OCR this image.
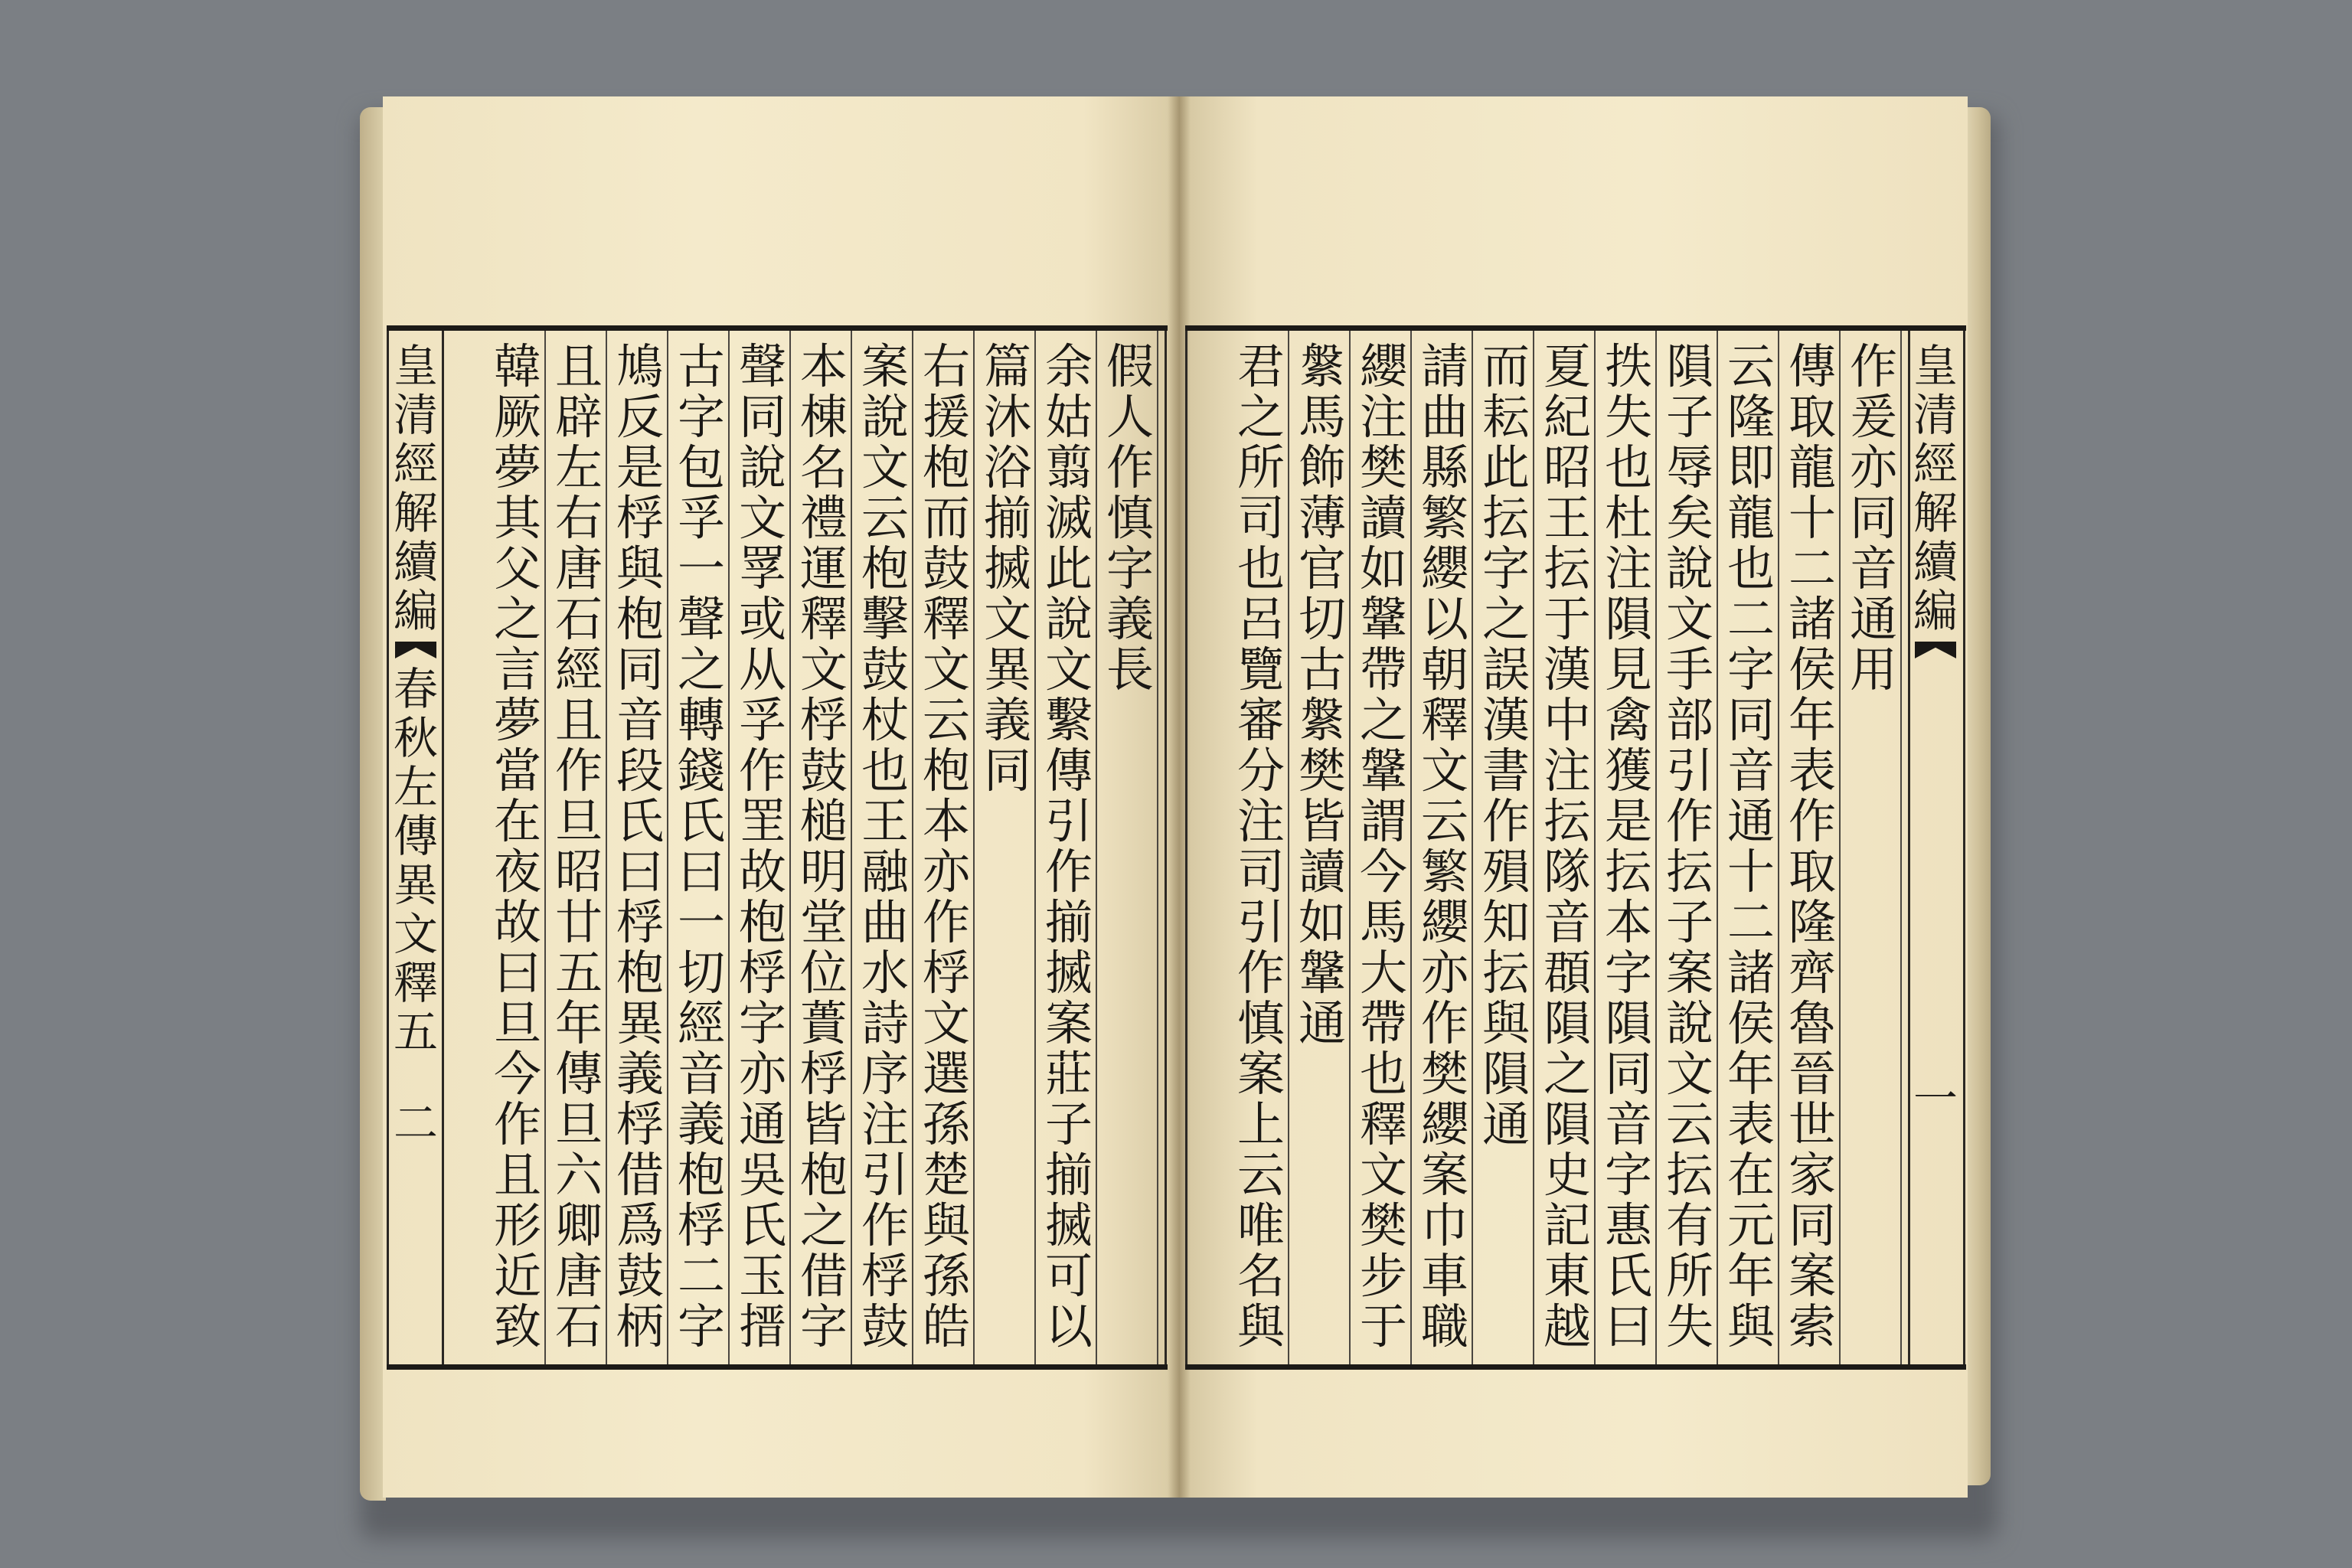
皇
清
經
解
續
編
春
秋
左
傳
異
文
釋
五
二
假
人
作
慎
字
義
長
余
姑
翦
滅
此
說
文
繫
傳
引
作
揃
搣
案
莊
子
揃
搣
可
以
篇
沐
浴
揃
搣
文
異
義
同
右
援
枹
而
鼓
釋
文
云
枹
本
亦
作
桴
文
選
孫
楚
與
孫
皓
案
說
文
云
枹
擊
鼓
杖
也
王
融
曲
水
詩
序
注
引
作
桴
鼓
本
棟
名
禮
運
釋
文
桴
鼓
槌
明
堂
位
蕢
桴
皆
枹
之
借
字
聲
同
說
文
罦
或
从
孚
作
罜
故
枹
桴
字
亦
通
吳
氏
玉
搢
古
字
包
孚
一
聲
之
轉
錢
氏
曰
一
切
經
音
義
枹
桴
二
字
鳩
反
是
桴
與
枹
同
音
段
氏
曰
桴
枹
異
義
桴
借
爲
鼓
柄
且
辟
左
右
唐
石
經
且
作
旦
昭
廿
五
年
傳
旦
六
卿
唐
石
韓
厥
夢
其
父
之
言
夢
當
在
夜
故
曰
旦
今
作
且
形
近
致
皇
清
經
解
續
編
一
作
爰
亦
同
音
通
用
傳
取
龍
十
二
諸
侯
年
表
作
取
隆
齊
魯
晉
世
家
同
案
索
云
隆
即
龍
也
二
字
同
音
通
十
二
諸
侯
年
表
在
元
年
與
隕
子
辱
矣
說
文
手
部
引
作
抎
子
案
說
文
云
抎
有
所
失
抶
失
也
杜
注
隕
見
禽
獲
是
抎
本
字
隕
同
音
字
惠
氏
曰
夏
紀
昭
王
抎
于
漢
中
注
抎
隊
音
頵
隕
之
隕
史
記
東
越
而
耘
此
抎
字
之
誤
漢
書
作
殞
知
抎
與
隕
通
請
曲
縣
繁
纓
以
朝
釋
文
云
繁
纓
亦
作
樊
纓
案
巾
車
職
纓
注
樊
讀
如
鞶
帶
之
鞶
謂
今
馬
大
帶
也
釋
文
樊
步
于
縏
馬
飾
薄
官
切
古
縏
樊
皆
讀
如
鞶
通
君
之
所
司
也
呂
覽
審
分
注
司
引
作
慎
案
上
云
唯
名
與
